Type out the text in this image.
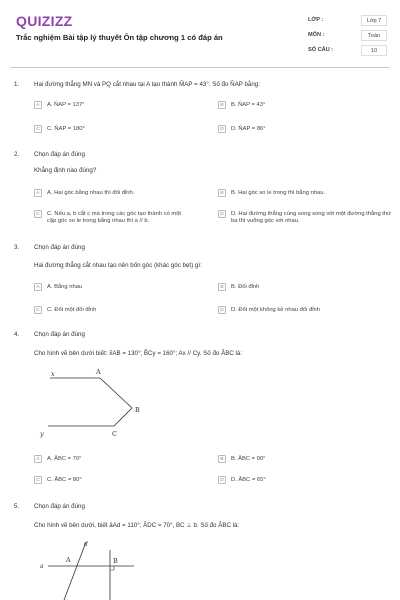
QUIZIZZ
Trắc nghiệm Bài tập lý thuyết Ôn tập chương 1 có đáp án
LỚP :	Lớp 7
MÔN :	Toán
SỐ CÂU :	10
1. Hai đường thẳng MN và PQ cắt nhau tại A tạo thành M̂AP = 43°. Số đo N̂AP bằng:
A	A. N̂AP = 137°	B	B. N̂AP = 43°
C	C. N̂AP = 180°	D	D. N̂AP = 86°
2. Chọn đáp án đúng
Khẳng định nào đúng?
A	A. Hai góc bằng nhau thì đối đỉnh.	B	B. Hai góc so le trong thì bằng nhau.
C	C. Nếu a, b cắt c mà trong các góc tạo thành có một cặp góc so le trong bằng nhau thì a // b.
D	D. Hai đường thẳng cùng song song với một đường thẳng thứ ba thì vuông góc với nhau.
3. Chọn đáp án đúng
Hai đường thẳng cắt nhau tạo nên bốn góc (khác góc bẹt) gì:
A	A. Bằng nhau	B	B. Đối đỉnh
C	C. Đôi một đối đỉnh	D	D. Đôi một không kề nhau đối đỉnh
4. Chọn đáp án đúng
Cho hình vẽ bên dưới biết: x̂AB = 130°; B̂Cy = 160°; Ax // Cy. Số đo ÂBC là:
x	A
B
C
y
A	A. ÂBC = 70°	B	B. ÂBC = 90°
C	C. ÂBC = 80°	D	D. ÂBC = 65°
5. Chọn đáp án đúng
Cho hình vẽ bên dưới, biết âAd = 110°; ÂDC = 70°, BC ⊥ b. Số đo ÂBC là:
d
A	B
a
